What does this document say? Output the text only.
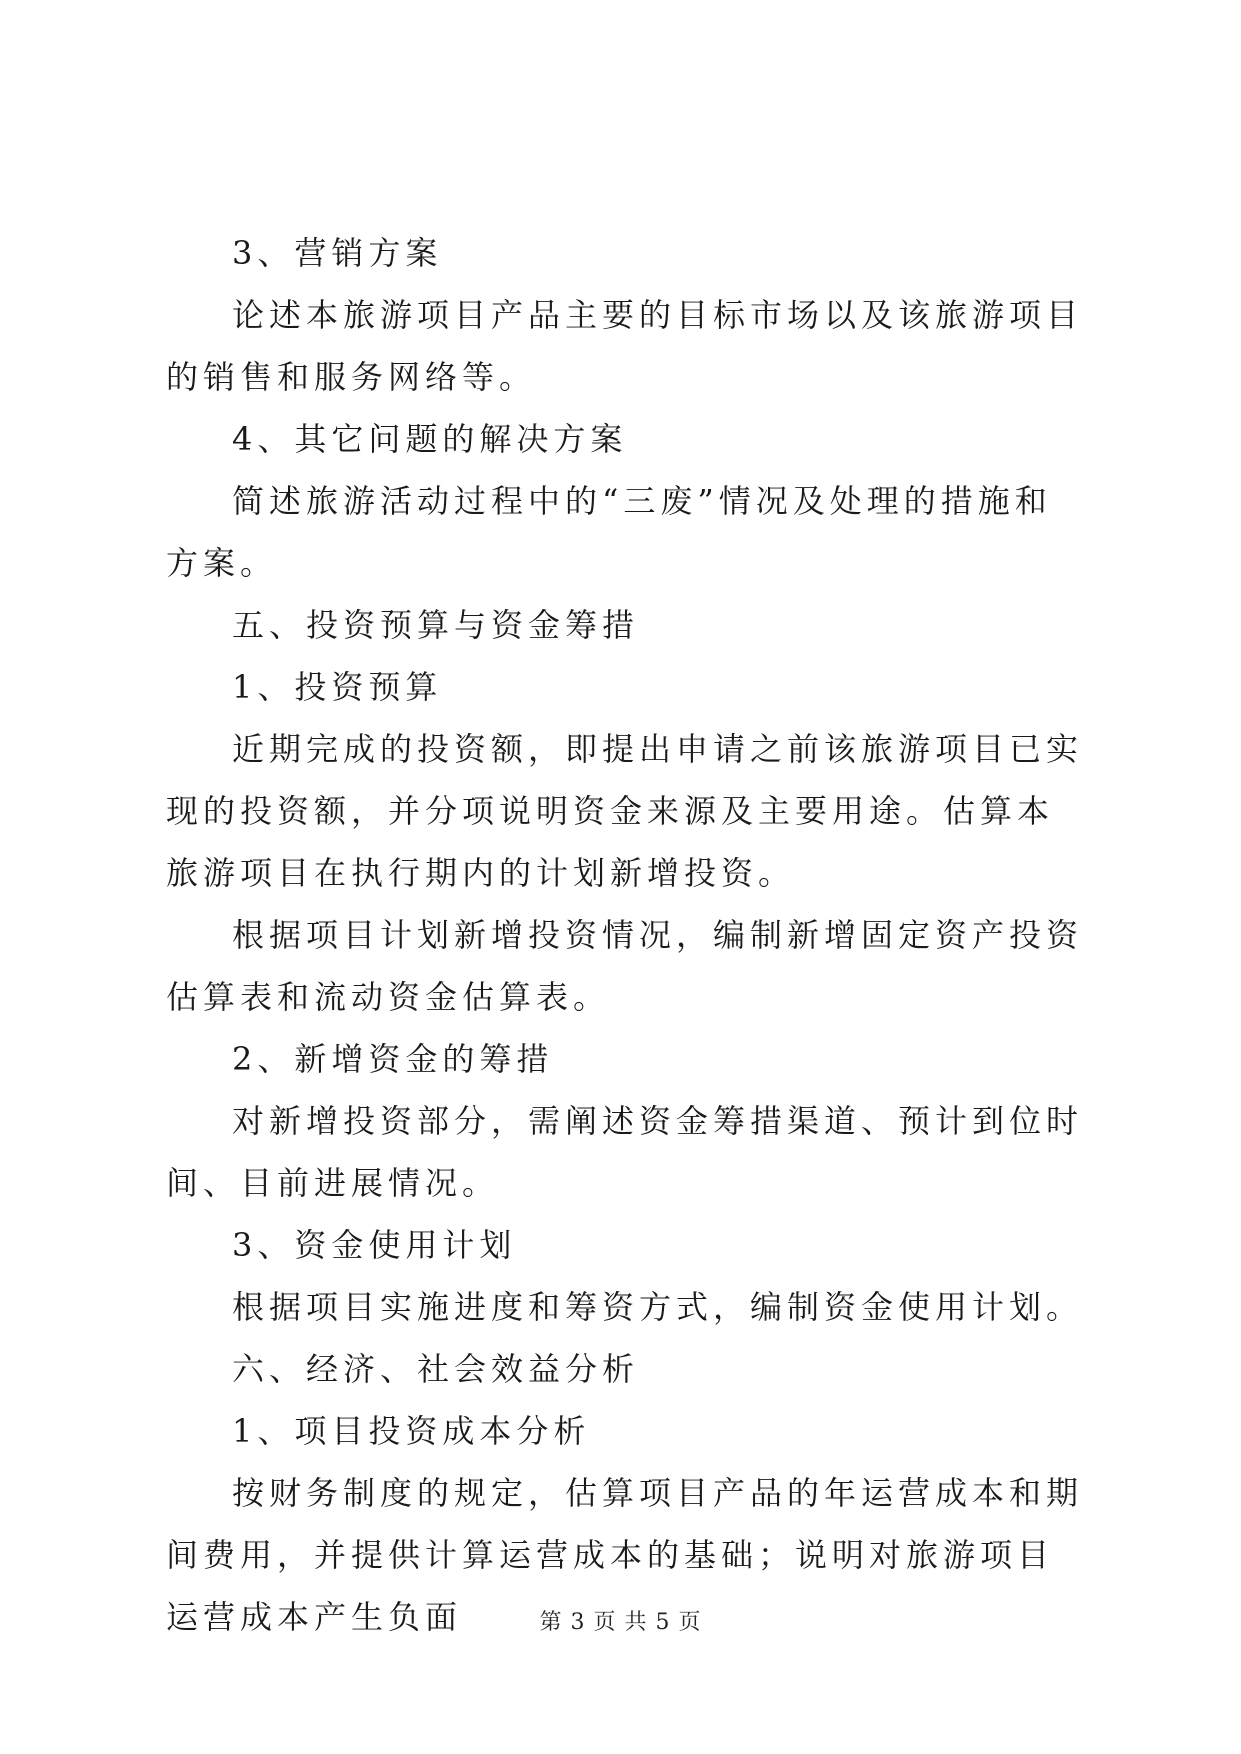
3、营销方案

论述本旅游项目产品主要的目标市场以及该旅游项目的销售和服务网络等。

4、其它问题的解决方案

简述旅游活动过程中的“三废”情况及处理的措施和方案。

五、投资预算与资金筹措

1、投资预算

近期完成的投资额，即提出申请之前该旅游项目已实现的投资额，并分项说明资金来源及主要用途。估算本旅游项目在执行期内的计划新增投资。

根据项目计划新增投资情况，编制新增固定资产投资估算表和流动资金估算表。

2、新增资金的筹措

对新增投资部分，需阐述资金筹措渠道、预计到位时间、目前进展情况。

3、资金使用计划

根据项目实施进度和筹资方式，编制资金使用计划。

六、经济、社会效益分析

1、项目投资成本分析

按财务制度的规定，估算项目产品的年运营成本和期间费用，并提供计算运营成本的基础；说明对旅游项目运营成本产生负面	第 3 页 共 5 页
